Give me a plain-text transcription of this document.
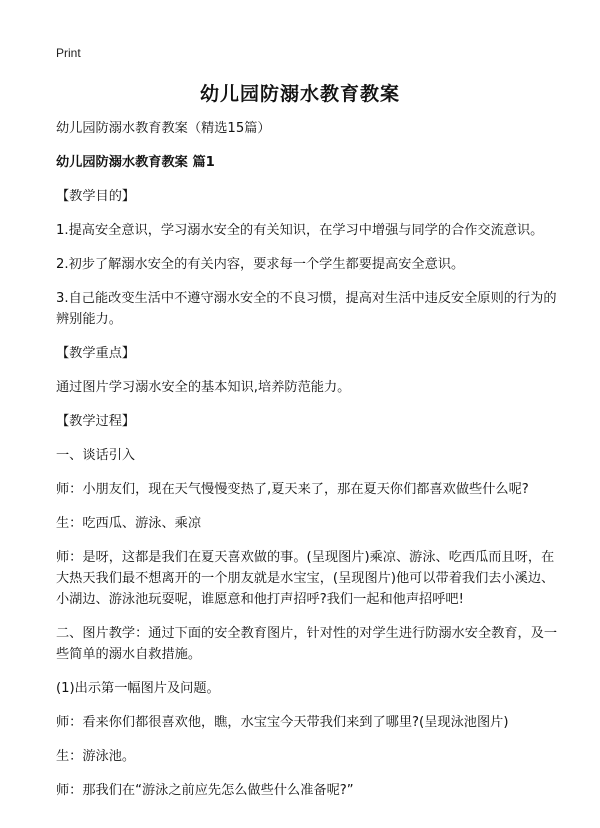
Print
幼儿园防溺水教育教案

幼儿园防溺水教育教案（精选15篇）

幼儿园防溺水教育教案 篇1

【教学目的】

1.提高安全意识，学习溺水安全的有关知识，在学习中增强与同学的合作交流意识。

2.初步了解溺水安全的有关内容，要求每一个学生都要提高安全意识。

3.自己能改变生活中不遵守溺水安全的不良习惯，提高对生活中违反安全原则的行为的辨别能力。

【教学重点】

通过图片学习溺水安全的基本知识,培养防范能力。

【教学过程】

一、谈话引入

师：小朋友们，现在天气慢慢变热了,夏天来了，那在夏天你们都喜欢做些什么呢?

生：吃西瓜、游泳、乘凉

师：是呀，这都是我们在夏天喜欢做的事。(呈现图片)乘凉、游泳、吃西瓜而且呀，在大热天我们最不想离开的一个朋友就是水宝宝，(呈现图片)他可以带着我们去小溪边、小湖边、游泳池玩耍呢，谁愿意和他打声招呼?我们一起和他声招呼吧!

二、图片教学：通过下面的安全教育图片，针对性的对学生进行防溺水安全教育，及一些简单的溺水自救措施。

(1)出示第一幅图片及问题。

师：看来你们都很喜欢他，瞧，水宝宝今天带我们来到了哪里?(呈现泳池图片)

生：游泳池。

师：那我们在“游泳之前应先怎么做些什么准备呢?”
